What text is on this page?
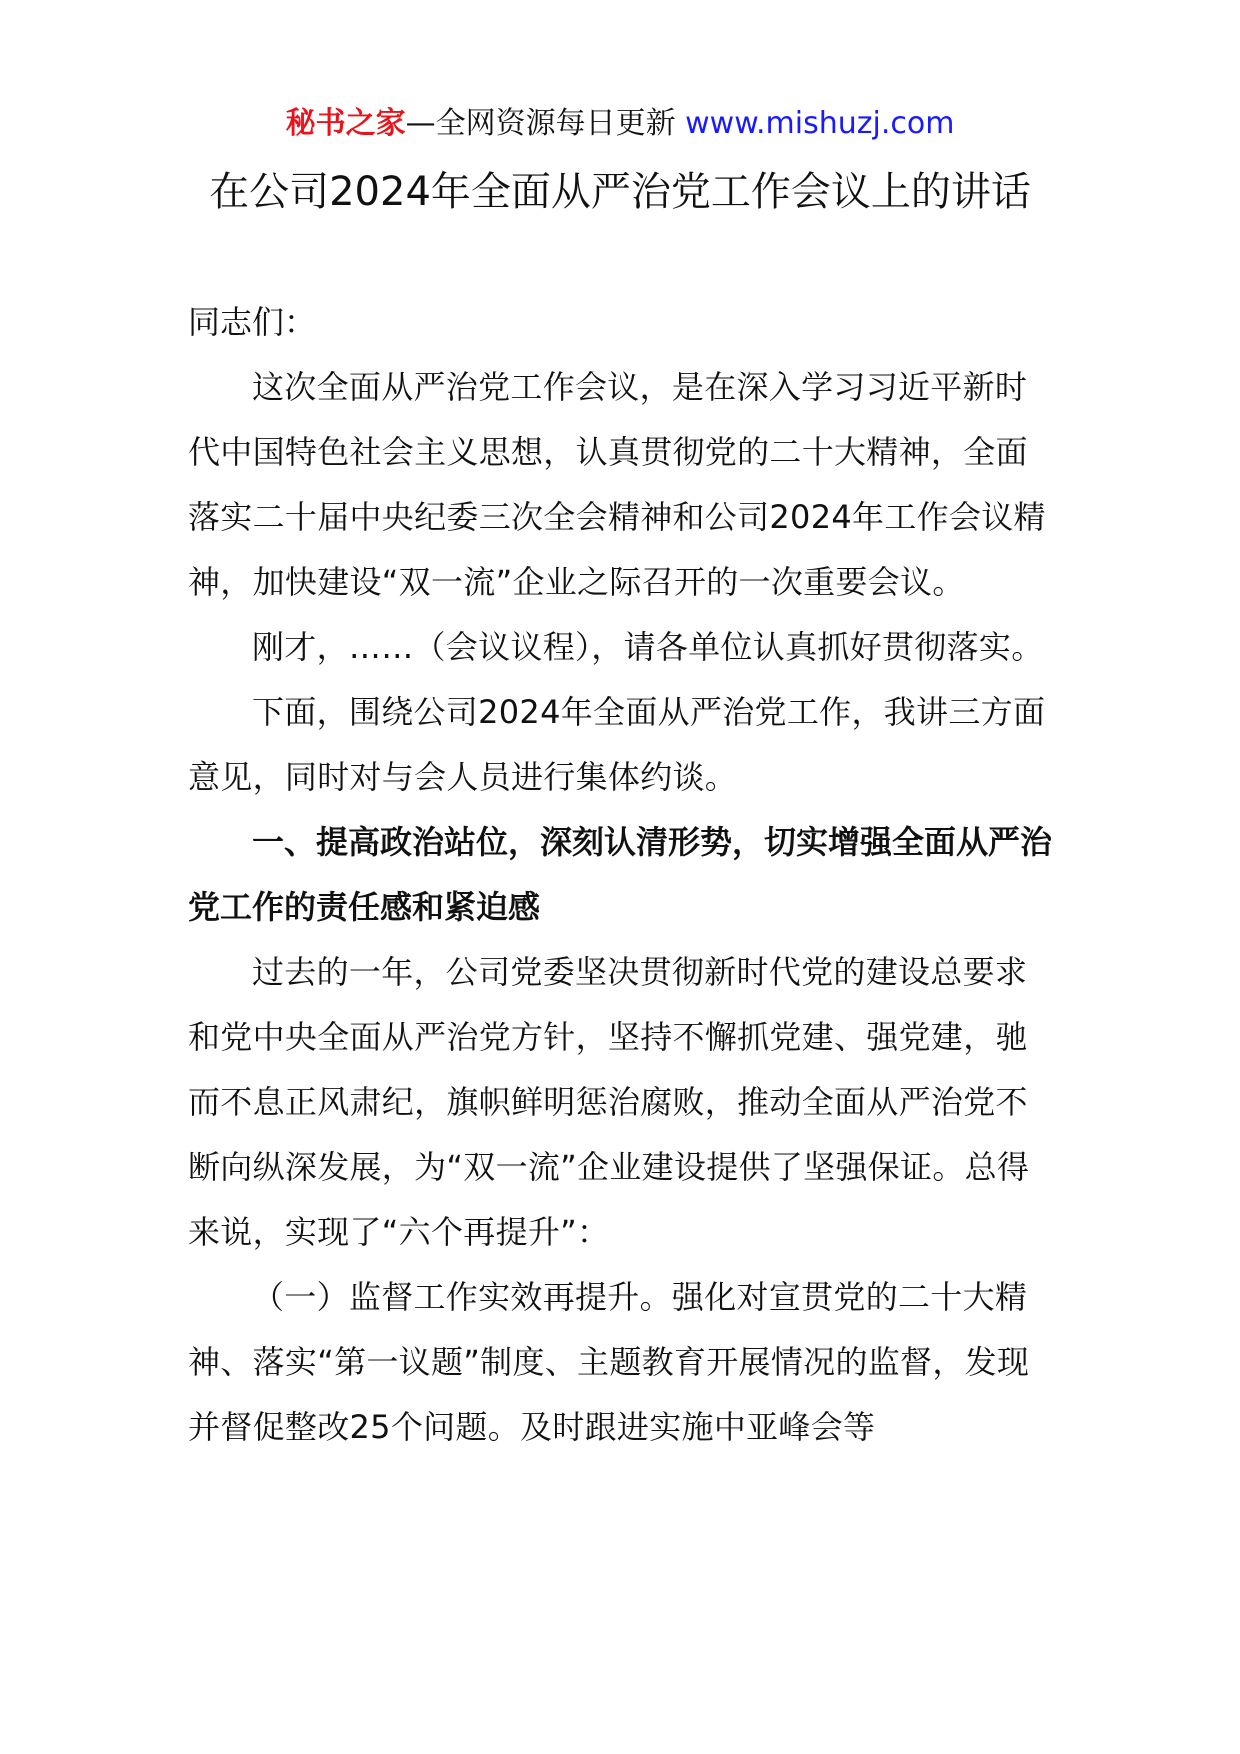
秘书之家—全网资源每日更新 www.mishuzj.com
在公司2024年全面从严治党工作会议上的讲话

同志们：

这次全面从严治党工作会议，是在深入学习习近平新时代中国特色社会主义思想，认真贯彻党的二十大精神，全面落实二十届中央纪委三次全会精神和公司2024年工作会议精神，加快建设“双一流”企业之际召开的一次重要会议。

刚才，……（会议议程），请各单位认真抓好贯彻落实。

下面，围绕公司2024年全面从严治党工作，我讲三方面意见，同时对与会人员进行集体约谈。

一、提高政治站位，深刻认清形势，切实增强全面从严治党工作的责任感和紧迫感

过去的一年，公司党委坚决贯彻新时代党的建设总要求和党中央全面从严治党方针，坚持不懈抓党建、强党建，驰而不息正风肃纪，旗帜鲜明惩治腐败，推动全面从严治党不断向纵深发展，为“双一流”企业建设提供了坚强保证。总得来说，实现了“六个再提升”：

（一）监督工作实效再提升。强化对宣贯党的二十大精神、落实“第一议题”制度、主题教育开展情况的监督，发现并督促整改25个问题。及时跟进实施中亚峰会等
